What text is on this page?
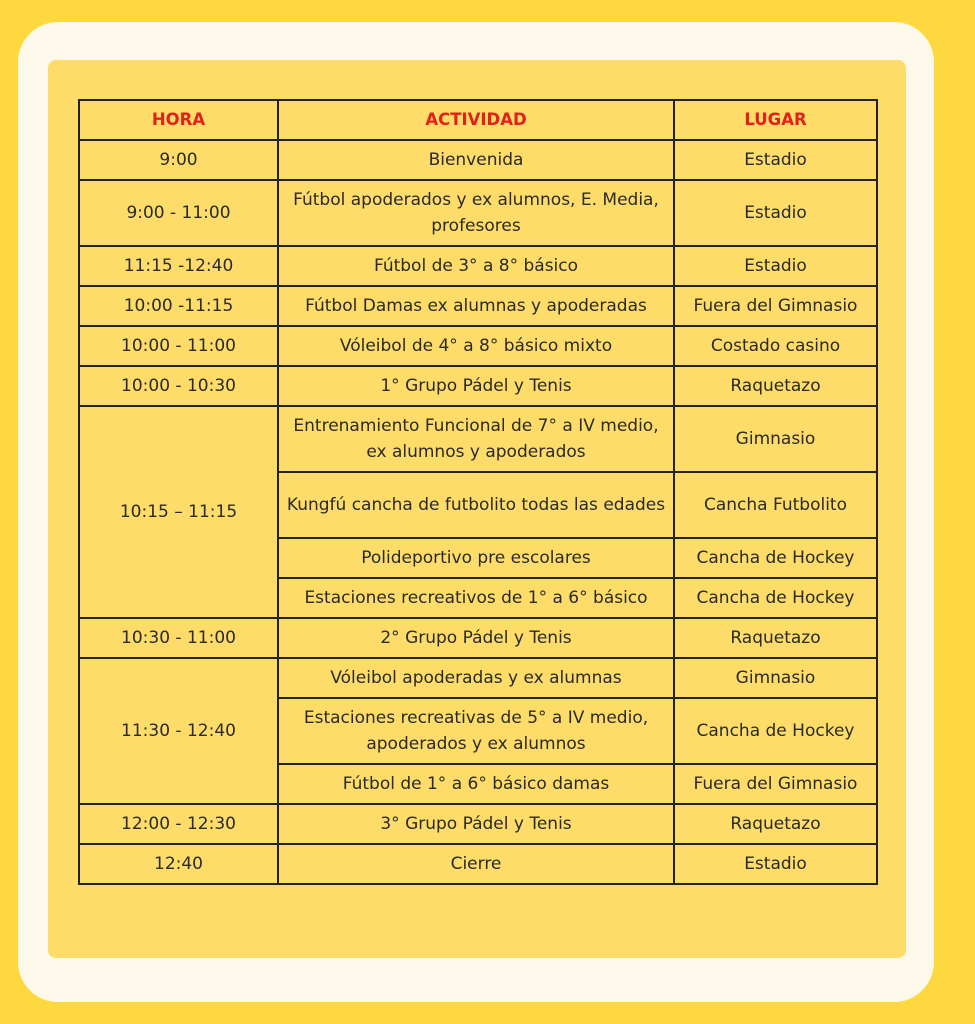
HORA	ACTIVIDAD	LUGAR
9:00	Bienvenida	Estadio
9:00 - 11:00	Fútbol apoderados y ex alumnos, E. Media, profesores	Estadio
11:15 -12:40	Fútbol de 3° a 8° básico	Estadio
10:00 -11:15	Fútbol Damas ex alumnas y apoderadas	Fuera del Gimnasio
10:00 - 11:00	Vóleibol de 4° a 8° básico mixto	Costado casino
10:00 - 10:30	1° Grupo Pádel y Tenis	Raquetazo
10:15 – 11:15	Entrenamiento Funcional de 7° a IV medio, ex alumnos y apoderados	Gimnasio
	Kungfú cancha de futbolito todas las edades	Cancha Futbolito
	Polideportivo pre escolares	Cancha de Hockey
	Estaciones recreativos de 1° a 6° básico	Cancha de Hockey
10:30 - 11:00	2° Grupo Pádel y Tenis	Raquetazo
11:30 - 12:40	Vóleibol apoderadas y ex alumnas	Gimnasio
	Estaciones recreativas de 5° a IV medio, apoderados y ex alumnos	Cancha de Hockey
	Fútbol de 1° a 6° básico damas	Fuera del Gimnasio
12:00 - 12:30	3° Grupo Pádel y Tenis	Raquetazo
12:40	Cierre	Estadio
